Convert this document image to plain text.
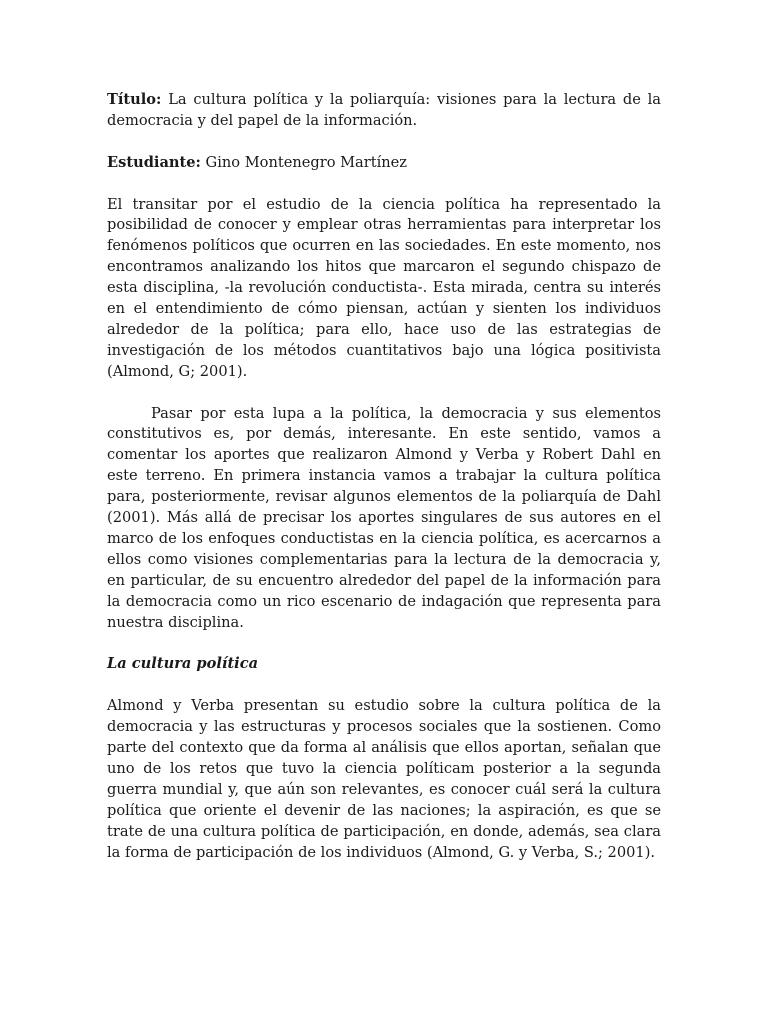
Título: La cultura política y la poliarquía: visiones para la lectura de la democracia y del papel de la información.

Estudiante: Gino Montenegro Martínez

El transitar por el estudio de la ciencia política ha representado la posibilidad de conocer y emplear otras herramientas para interpretar los fenómenos políticos que ocurren en las sociedades. En este momento, nos encontramos analizando los hitos que marcaron el segundo chispazo de esta disciplina, -la revolución conductista-. Esta mirada, centra su interés en el entendimiento de cómo piensan, actúan y sienten los individuos alrededor de la política; para ello, hace uso de las estrategias de investigación de los métodos cuantitativos bajo una lógica positivista (Almond, G; 2001).

Pasar por esta lupa a la política, la democracia y sus elementos constitutivos es, por demás, interesante. En este sentido, vamos a comentar los aportes que realizaron Almond y Verba y Robert Dahl en este terreno. En primera instancia vamos a trabajar la cultura política para, posteriormente, revisar algunos elementos de la poliarquía de Dahl (2001). Más allá de precisar los aportes singulares de sus autores en el marco de los enfoques conductistas en la ciencia política, es acercarnos a ellos como visiones complementarias para la lectura de la democracia y, en particular, de su encuentro alrededor del papel de la información para la democracia como un rico escenario de indagación que representa para nuestra disciplina.

La cultura política

Almond y Verba presentan su estudio sobre la cultura política de la democracia y las estructuras y procesos sociales que la sostienen. Como parte del contexto que da forma al análisis que ellos aportan, señalan que uno de los retos que tuvo la ciencia políticam posterior a la segunda guerra mundial y, que aún son relevantes, es conocer cuál será la cultura política que oriente el devenir de las naciones; la aspiración, es que se trate de una cultura política de participación, en donde, además, sea clara la forma de participación de los individuos (Almond, G. y Verba, S.; 2001).
